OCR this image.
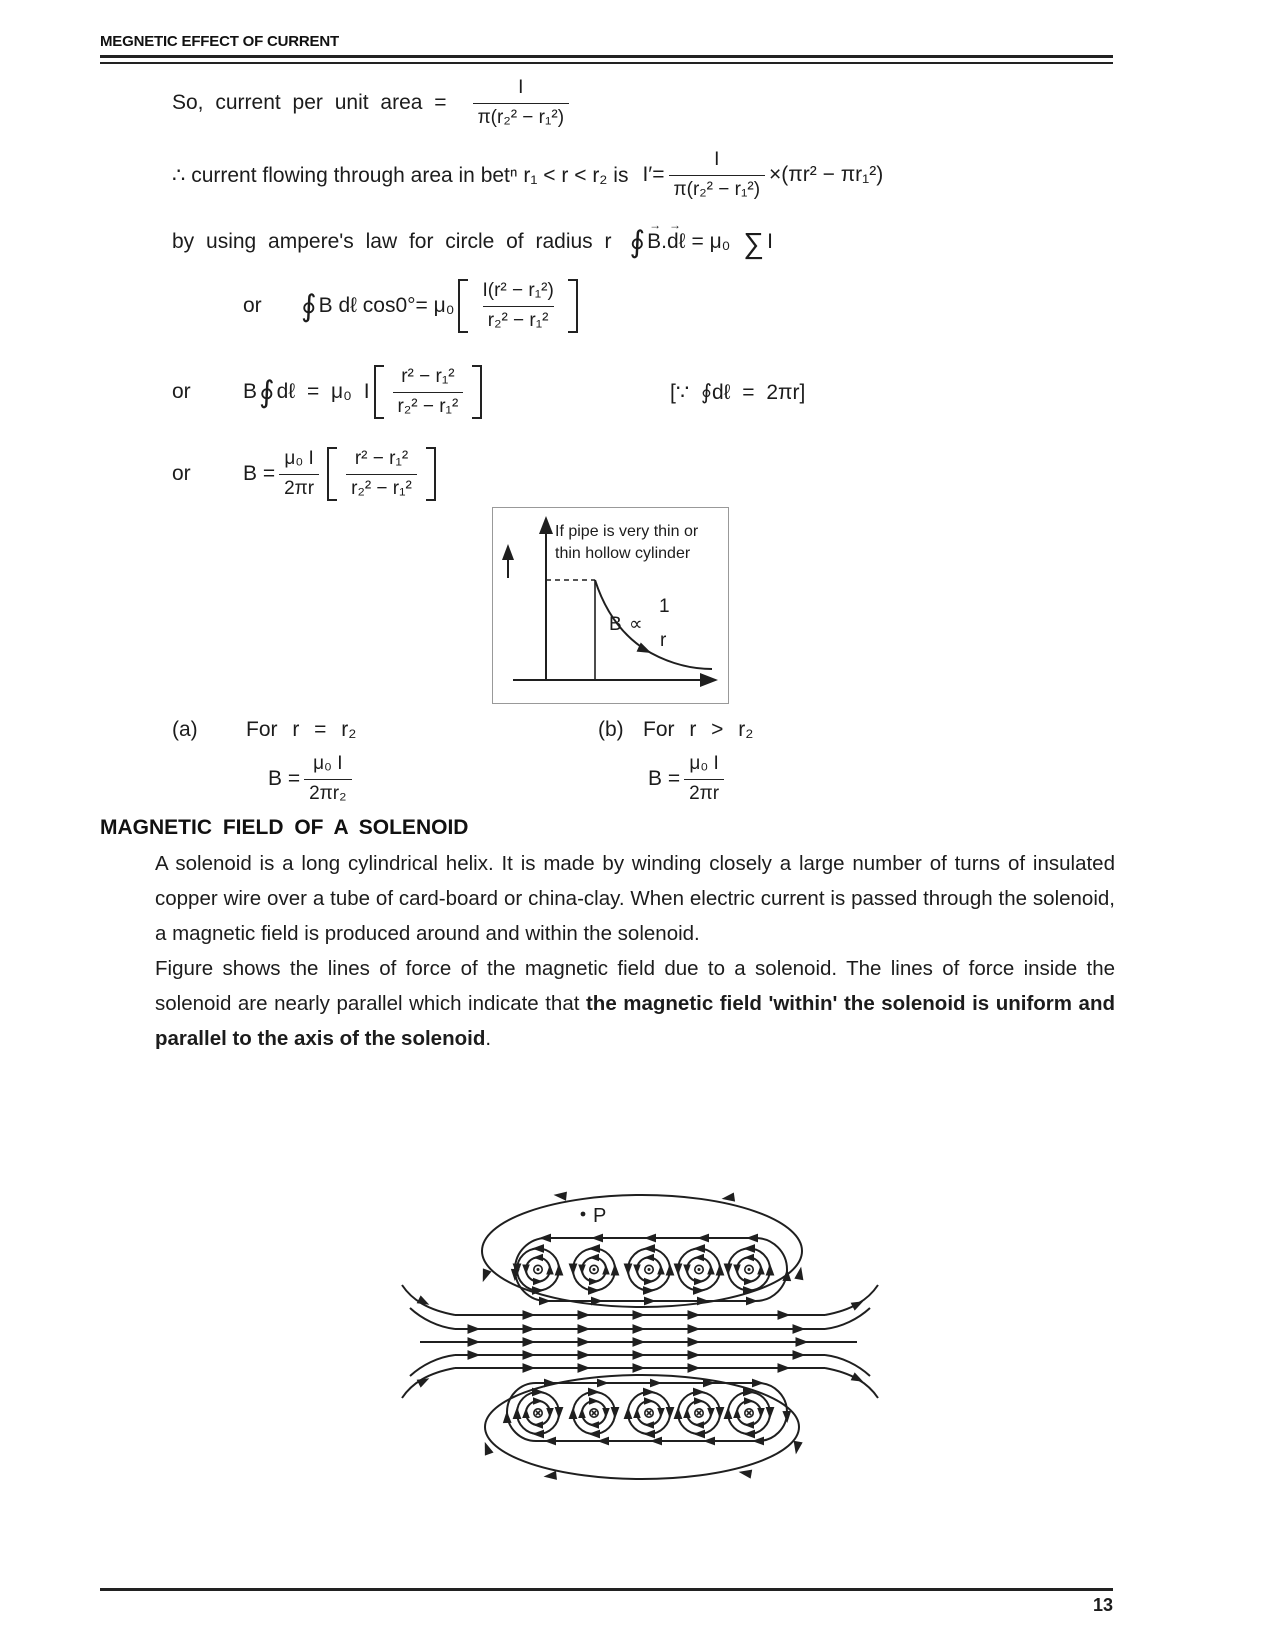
MEGNETIC EFFECT OF CURRENT
So, current per unit area = $\frac{I}{\text{π(r₂² − r₁²)}}$
∴ current flowing through area in betⁿ r₁ < r < r₂ is $I'= \frac{I}{\text{π(r₂² − r₁²)}} \times(\pi r^2 - \pi r_1^2)$
by using ampere's law for circle of radius r ∮
→
B .
→
dℓ = μ₀ ∑ I
or	∮ B dℓ $\cos 0^\circ= \mu_0 \frac{\text{I(r² − r₁²)}}{\text{r₂² − r₁²}}$
or	B ∮ dℓ = μ₀ I $\frac{\text{r² − r₁²}}{\text{r₂² − r₁²}}$	[∵ ∮dℓ = 2πr]
or	$B = \frac{\text{μ₀ I}}{2\pi r} \frac{\text{r² − r₁²}}{\text{r₂² − r₁²}}$
If pipe is very thin or
thin hollow cylinder
B ∝
1
r
(a) For r = r₂
$B = \frac{\text{μ₀ I}}{\text{2πr₂}}$
(b) For r > r₂
$B = \frac{\text{μ₀ I}}{2\pi r}$
MAGNETIC FIELD OF A SOLENOID
A solenoid is a long cylindrical helix. It is made by winding closely a large number of turns of insulated copper wire over a tube of card-board or china-clay. When electric current is passed through the solenoid, a magnetic field is produced around and within the solenoid.
Figure shows the lines of force of the magnetic field due to a solenoid. The lines of force inside the solenoid are nearly parallel which indicate that the magnetic field 'within' the solenoid is uniform and parallel to the axis of the solenoid.
P
13
